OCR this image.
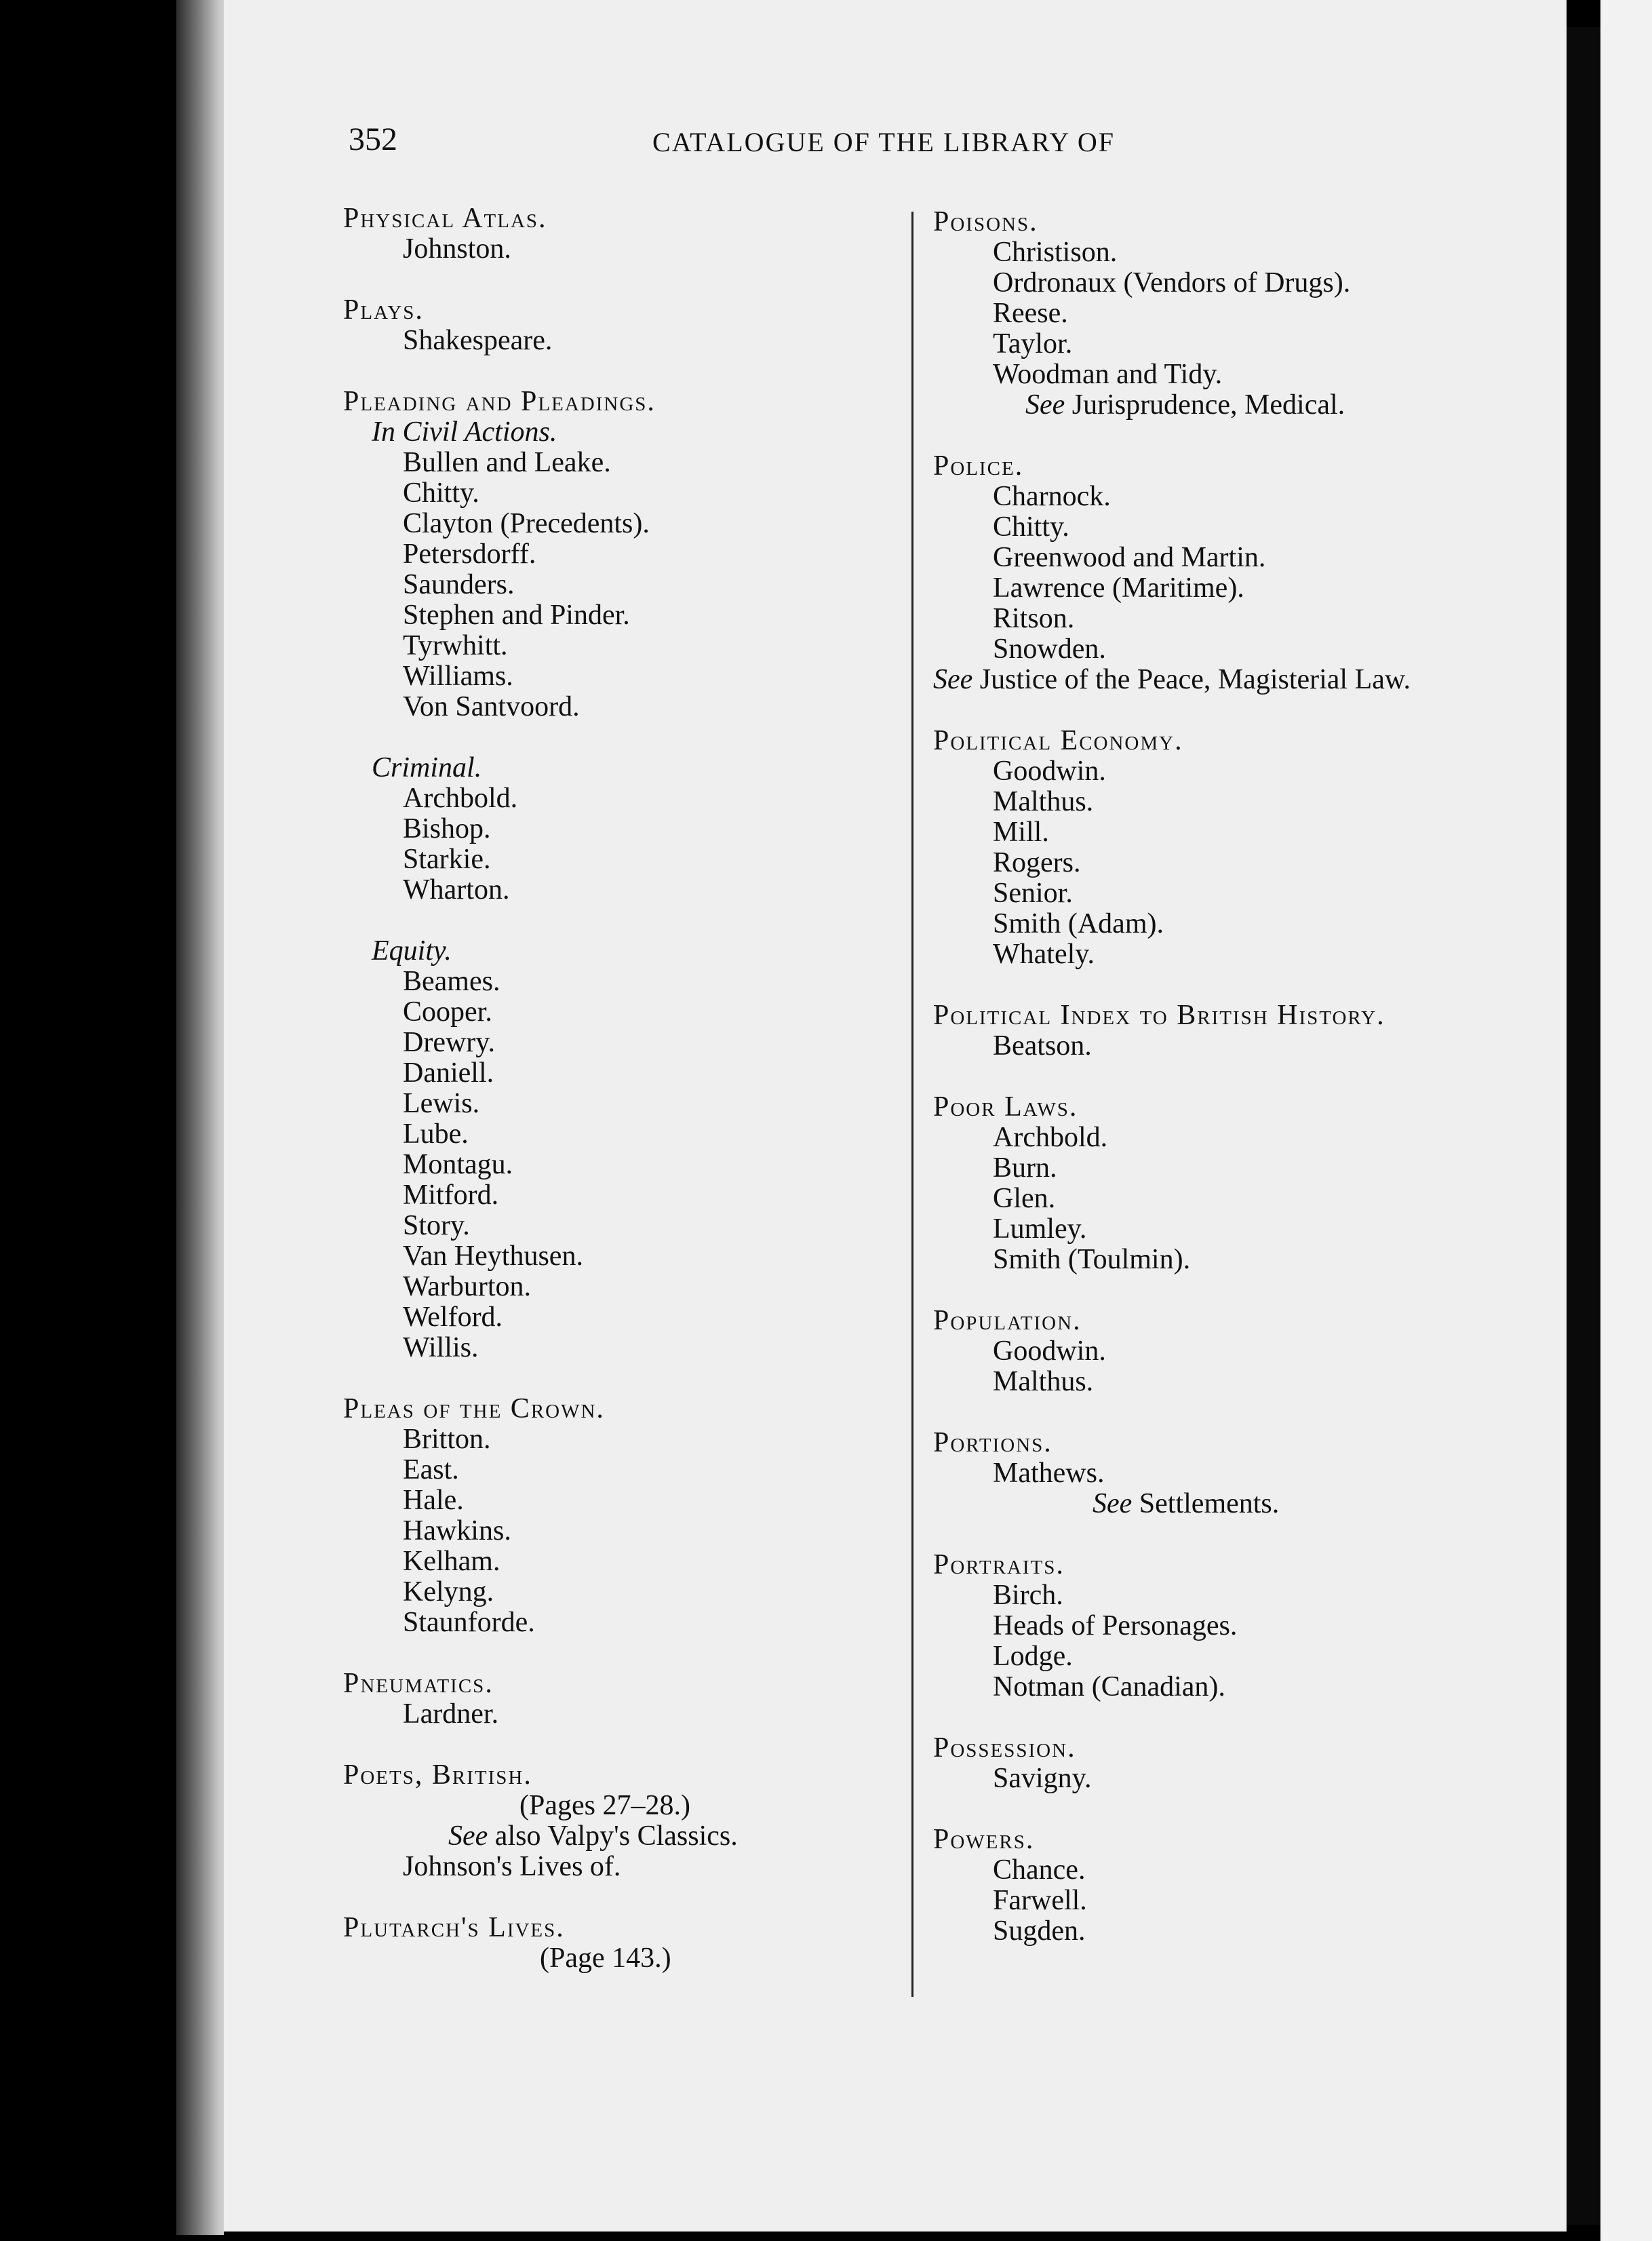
352	CATALOGUE OF THE LIBRARY OF
Physical Atlas.
Johnston.
Plays.
Shakespeare.
Pleading and Pleadings.
In Civil Actions.
Bullen and Leake.
Chitty.
Clayton (Precedents).
Petersdorff.
Saunders.
Stephen and Pinder.
Tyrwhitt.
Williams.
Von Santvoord.
Criminal.
Archbold.
Bishop.
Starkie.
Wharton.
Equity.
Beames.
Cooper.
Drewry.
Daniell.
Lewis.
Lube.
Montagu.
Mitford.
Story.
Van Heythusen.
Warburton.
Welford.
Willis.
Pleas of the Crown.
Britton.
East.
Hale.
Hawkins.
Kelham.
Kelyng.
Staunforde.
Pneumatics.
Lardner.
Poets, British.
(Pages 27–28.)
See also Valpy's Classics.
Johnson's Lives of.
Plutarch's Lives.
(Page 143.)
Poisons.
Christison.
Ordronaux (Vendors of Drugs).
Reese.
Taylor.
Woodman and Tidy.
See Jurisprudence, Medical.
Police.
Charnock.
Chitty.
Greenwood and Martin.
Lawrence (Maritime).
Ritson.
Snowden.
See Justice of the Peace, Magisterial Law.
Political Economy.
Goodwin.
Malthus.
Mill.
Rogers.
Senior.
Smith (Adam).
Whately.
Political Index to British History.
Beatson.
Poor Laws.
Archbold.
Burn.
Glen.
Lumley.
Smith (Toulmin).
Population.
Goodwin.
Malthus.
Portions.
Mathews.
See Settlements.
Portraits.
Birch.
Heads of Personages.
Lodge.
Notman (Canadian).
Possession.
Savigny.
Powers.
Chance.
Farwell.
Sugden.
